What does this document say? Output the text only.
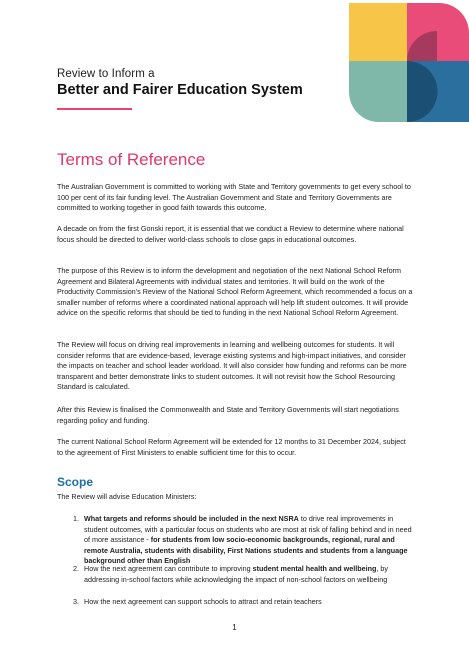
Review to Inform a
Better and Fairer Education System
Terms of Reference

The Australian Government is committed to working with State and Territory governments to get every school to 100 per cent of its fair funding level. The Australian Government and State and Territory Governments are committed to working together in good faith towards this outcome.

A decade on from the first Gonski report, it is essential that we conduct a Review to determine where national focus should be directed to deliver world-class schools to close gaps in educational outcomes.

The purpose of this Review is to inform the development and negotiation of the next National School Reform Agreement and Bilateral Agreements with individual states and territories. It will build on the work of the Productivity Commission’s Review of the National School Reform Agreement, which recommended a focus on a smaller number of reforms where a coordinated national approach will help lift student outcomes. It will provide advice on the specific reforms that should be tied to funding in the next National School Reform Agreement.

The Review will focus on driving real improvements in learning and wellbeing outcomes for students. It will consider reforms that are evidence-based, leverage existing systems and high-impact initiatives, and consider the impacts on teacher and school leader workload. It will also consider how funding and reforms can be more transparent and better demonstrate links to student outcomes. It will not revisit how the School Resourcing Standard is calculated.

After this Review is finalised the Commonwealth and State and Territory Governments will start negotiations regarding policy and funding.

The current National School Reform Agreement will be extended for 12 months to 31 December 2024, subject to the agreement of First Ministers to enable sufficient time for this to occur.

Scope

The Review will advise Education Ministers:

1. What targets and reforms should be included in the next NSRA to drive real improvements in student outcomes, with a particular focus on students who are most at risk of falling behind and in need of more assistance - for students from low socio-economic backgrounds, regional, rural and remote Australia, students with disability, First Nations students and students from a language background other than English
2. How the next agreement can contribute to improving student mental health and wellbeing, by addressing in-school factors while acknowledging the impact of non-school factors on wellbeing
3. How the next agreement can support schools to attract and retain teachers
1
